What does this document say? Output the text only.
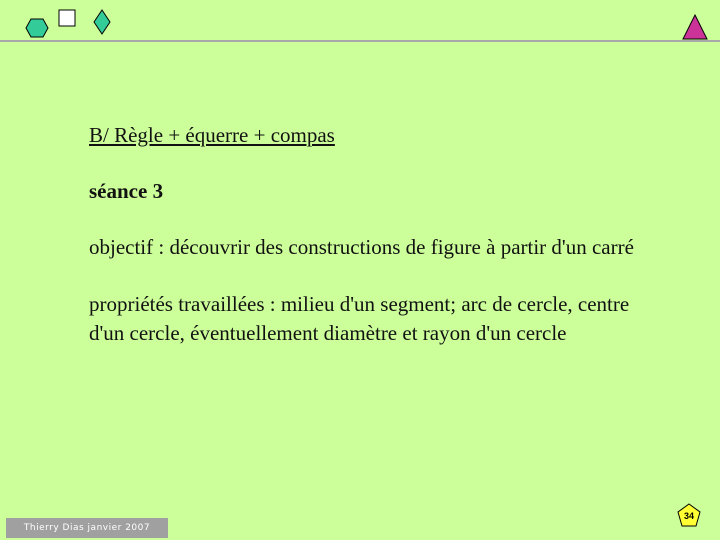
B/ Règle + équerre + compas
séance 3
objectif : découvrir des constructions de figure à partir d'un carré
propriétés travaillées : milieu d'un segment; arc de cercle, centre d'un cercle, éventuellement diamètre et rayon d'un cercle
Thierry Dias janvier 2007
34
